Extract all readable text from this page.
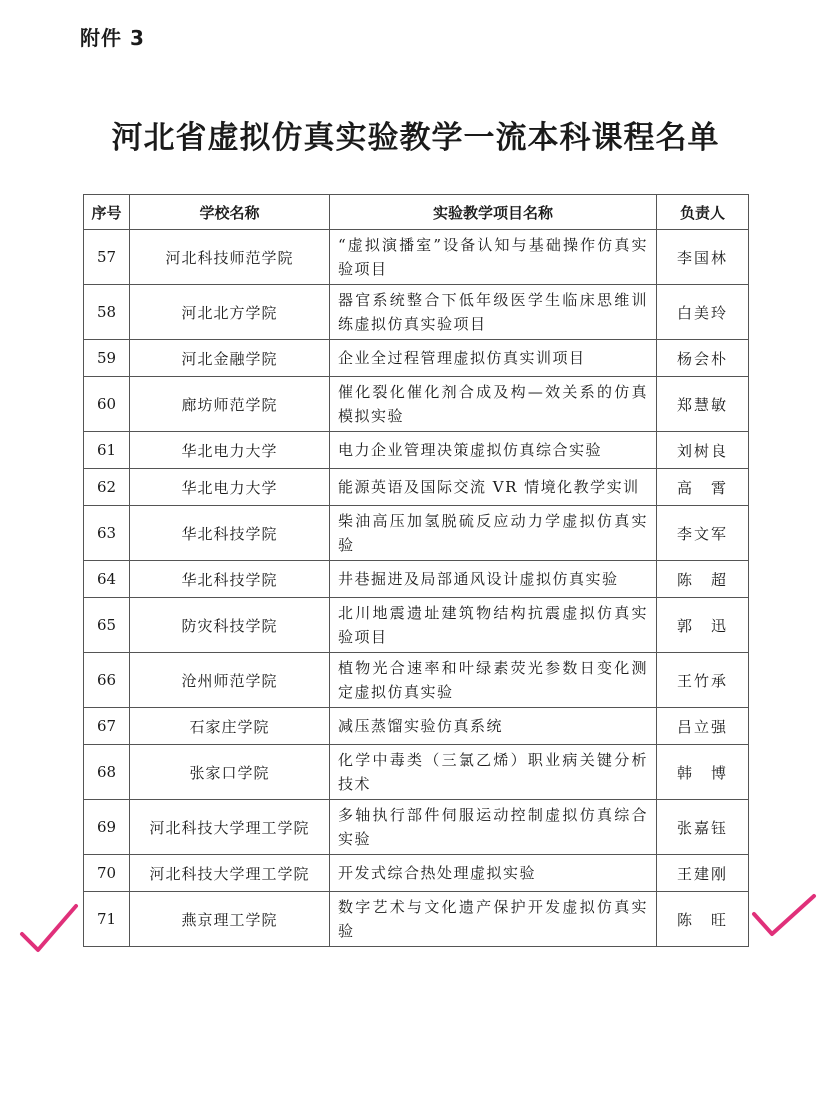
附件 3
河北省虚拟仿真实验教学一流本科课程名单
序号	学校名称	实验教学项目名称	负责人
57	河北科技师范学院	“虚拟演播室”设备认知与基础操作仿真实验项目	李国林
58	河北北方学院	器官系统整合下低年级医学生临床思维训练虚拟仿真实验项目	白美玲
59	河北金融学院	企业全过程管理虚拟仿真实训项目	杨会朴
60	廊坊师范学院	催化裂化催化剂合成及构—效关系的仿真模拟实验	郑慧敏
61	华北电力大学	电力企业管理决策虚拟仿真综合实验	刘树良
62	华北电力大学	能源英语及国际交流 VR 情境化教学实训	高　霄
63	华北科技学院	柴油高压加氢脱硫反应动力学虚拟仿真实验	李文军
64	华北科技学院	井巷掘进及局部通风设计虚拟仿真实验	陈　超
65	防灾科技学院	北川地震遗址建筑物结构抗震虚拟仿真实验项目	郭　迅
66	沧州师范学院	植物光合速率和叶绿素荧光参数日变化测定虚拟仿真实验	王竹承
67	石家庄学院	减压蒸馏实验仿真系统	吕立强
68	张家口学院	化学中毒类（三氯乙烯）职业病关键分析技术	韩　博
69	河北科技大学理工学院	多轴执行部件伺服运动控制虚拟仿真综合实验	张嘉钰
70	河北科技大学理工学院	开发式综合热处理虚拟实验	王建刚
71	燕京理工学院	数字艺术与文化遗产保护开发虚拟仿真实验	陈　旺
